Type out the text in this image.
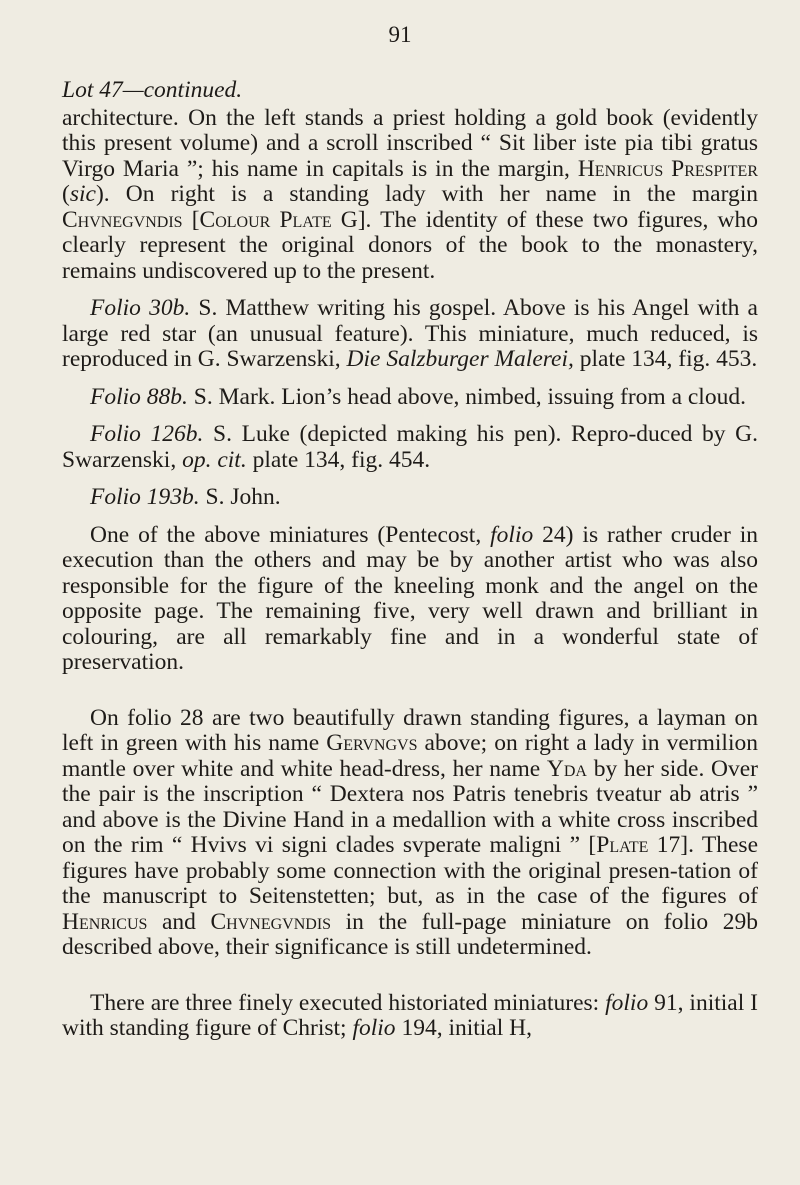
91

Lot 47—continued.

architecture. On the left stands a priest holding a gold book (evidently this present volume) and a scroll inscribed “ Sit liber iste pia tibi gratus Virgo Maria ”; his name in capitals is in the margin, Henricus Prespiter (sic). On right is a standing lady with her name in the margin Chvnegvndis [Colour Plate G]. The identity of these two figures, who clearly represent the original donors of the book to the monastery, remains undiscovered up to the present.

Folio 30b. S. Matthew writing his gospel. Above is his Angel with a large red star (an unusual feature). This miniature, much reduced, is reproduced in G. Swarzenski, Die Salzburger Malerei, plate 134, fig. 453.

Folio 88b. S. Mark. Lion’s head above, nimbed, issuing from a cloud.

Folio 126b. S. Luke (depicted making his pen). Repro-duced by G. Swarzenski, op. cit. plate 134, fig. 454.

Folio 193b. S. John.

One of the above miniatures (Pentecost, folio 24) is rather cruder in execution than the others and may be by another artist who was also responsible for the figure of the kneeling monk and the angel on the opposite page. The remaining five, very well drawn and brilliant in colouring, are all remarkably fine and in a wonderful state of preservation.

On folio 28 are two beautifully drawn standing figures, a layman on left in green with his name Gervngvs above; on right a lady in vermilion mantle over white and white head-dress, her name Yda by her side. Over the pair is the inscription “ Dextera nos Patris tenebris tveatur ab atris ” and above is the Divine Hand in a medallion with a white cross inscribed on the rim “ Hvivs vi signi clades svperate maligni ” [Plate 17]. These figures have probably some connection with the original presen-tation of the manuscript to Seitenstetten; but, as in the case of the figures of Henricus and Chvnegvndis in the full-page miniature on folio 29b described above, their significance is still undetermined.

There are three finely executed historiated miniatures: folio 91, initial I with standing figure of Christ; folio 194, initial H,
